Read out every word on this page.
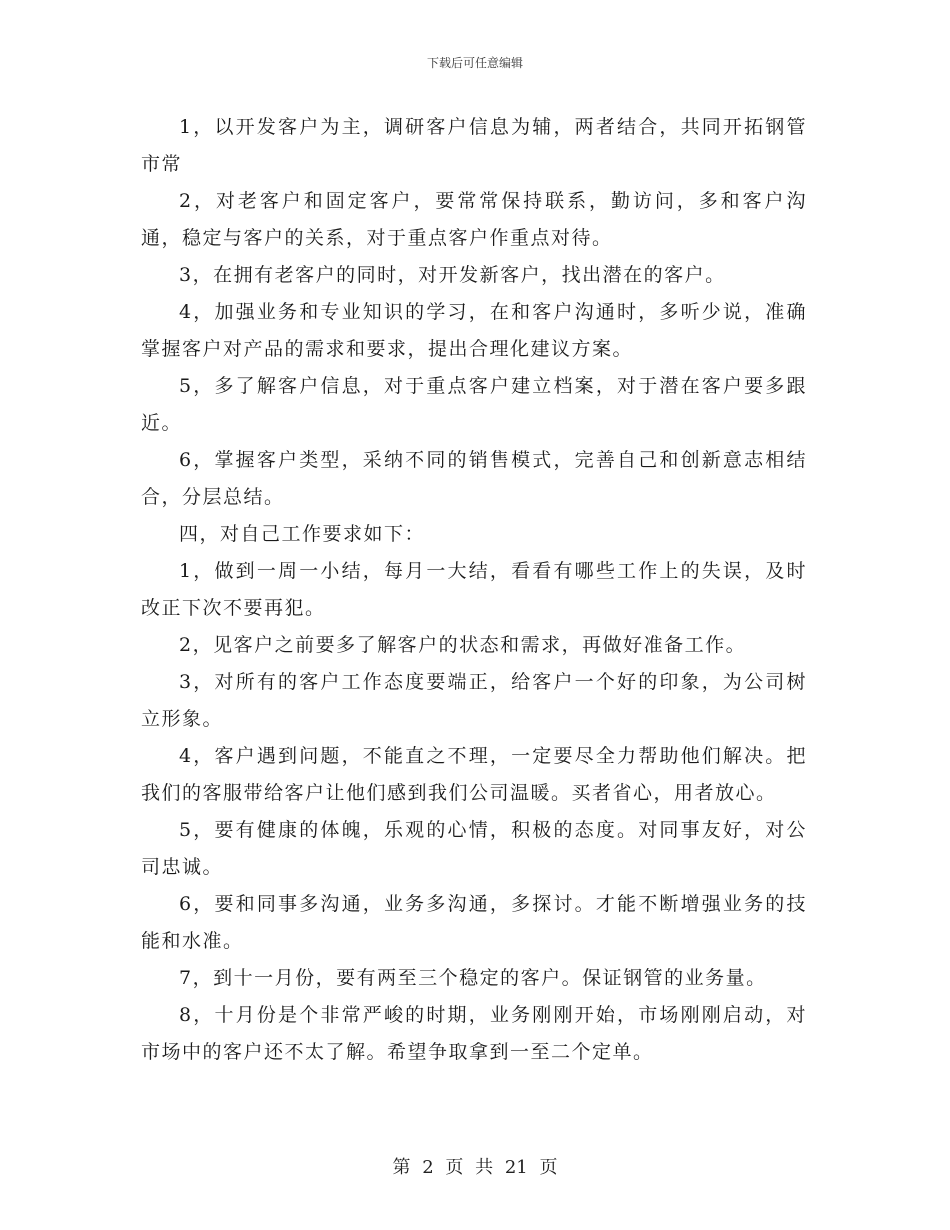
下载后可任意编辑

1，以开发客户为主，调研客户信息为辅，两者结合，共同开拓钢管市常

2，对老客户和固定客户，要常常保持联系，勤访问，多和客户沟通，稳定与客户的关系，对于重点客户作重点对待。

3，在拥有老客户的同时，对开发新客户，找出潜在的客户。

4，加强业务和专业知识的学习，在和客户沟通时，多听少说，准确掌握客户对产品的需求和要求，提出合理化建议方案。

5，多了解客户信息，对于重点客户建立档案，对于潜在客户要多跟近。

6，掌握客户类型，采纳不同的销售模式，完善自己和创新意志相结合，分层总结。

四，对自己工作要求如下：

1，做到一周一小结，每月一大结，看看有哪些工作上的失误，及时改正下次不要再犯。

2，见客户之前要多了解客户的状态和需求，再做好准备工作。

3，对所有的客户工作态度要端正，给客户一个好的印象，为公司树立形象。

4，客户遇到问题，不能直之不理，一定要尽全力帮助他们解决。把我们的客服带给客户让他们感到我们公司温暖。买者省心，用者放心。

5，要有健康的体魄，乐观的心情，积极的态度。对同事友好，对公司忠诚。

6，要和同事多沟通，业务多沟通，多探讨。才能不断增强业务的技能和水准。

7，到十一月份，要有两至三个稳定的客户。保证钢管的业务量。

8，十月份是个非常严峻的时期，业务刚刚开始，市场刚刚启动，对市场中的客户还不太了解。希望争取拿到一至二个定单。

第 2 页 共 21 页
